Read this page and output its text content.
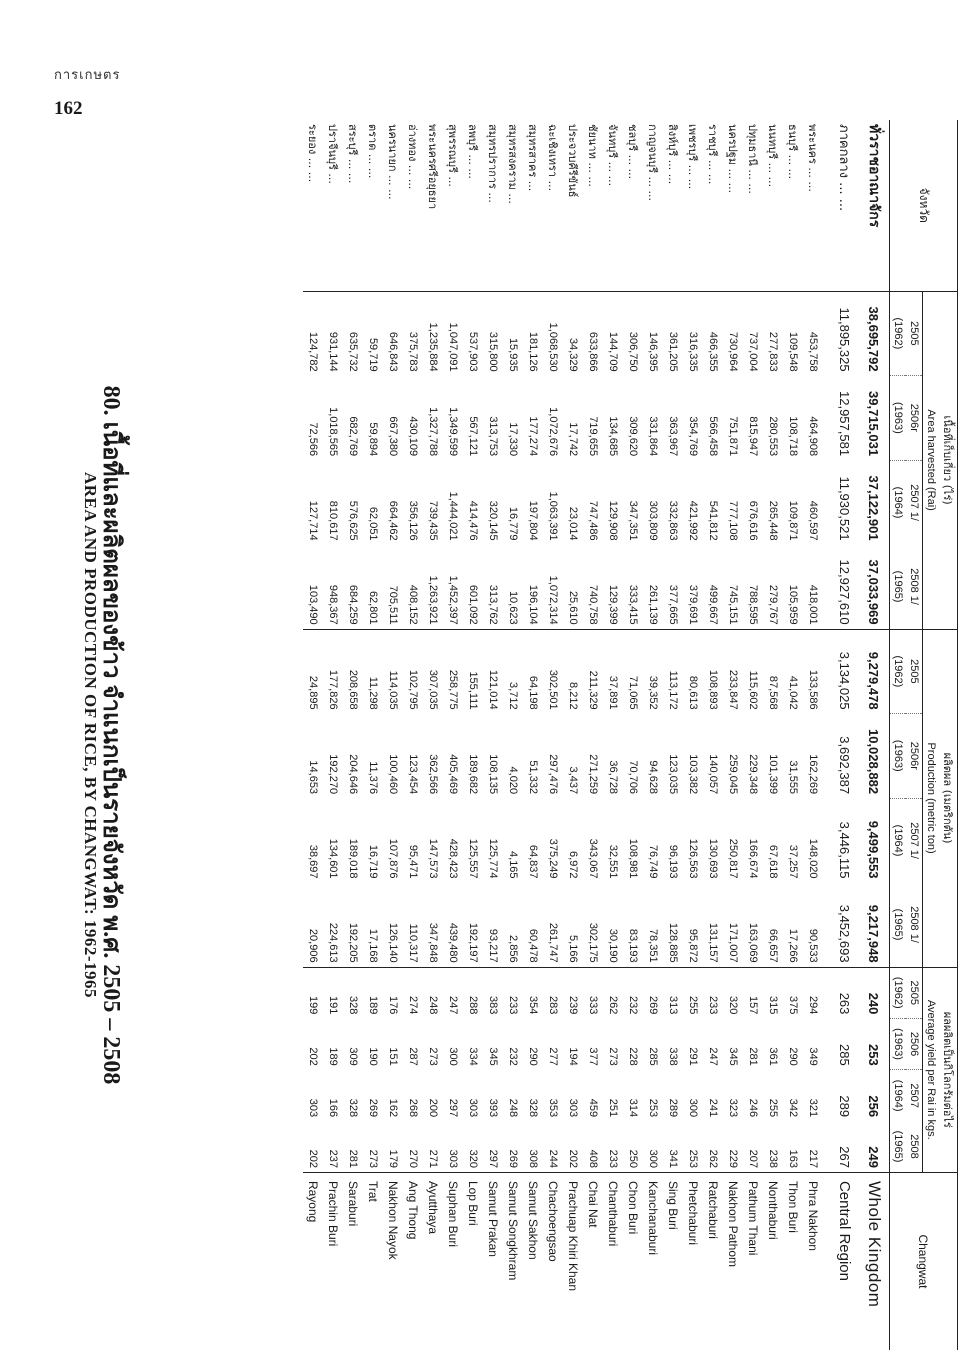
การเกษตร
162
จังหวัด	เนื้อที่เก็บเกี่ยว (ไร่)				ผลิตผล (เมตริกตัน)				ผลผลิตเป็นกิโลกรัมต่อไร่				Changwat
	Area harvested (Rai)				Production (metric ton)				Average yield per Rai in kgs.				
	2505	2506r	2507 1/	2508 1/	2505	2506r	2507 1/	2508 1/	2505	2506	2507	2508	
	(1962)	(1963)	(1964)	(1965)	(1962)	(1963)	(1964)	(1965)	(1962)	(1963)	(1964)	(1965)	
ทั่วราชอาณาจักร	38,695,792	39,715,031	37,122,901	37,033,969	9,279,478	10,028,882	9,499,553	9,217,948	240	253	256	249	Whole Kingdom
ภาคกลาง ... ...	11,895,325	12,957,581	11,930,521	12,927,610	3,134,025	3,692,387	3,446,115	3,452,693	263	285	289	267	Central Region

พระนคร ... ...	453,758	464,908	460,597	418,001	133,586	162,269	148,020	90,533	294	349	321	217	Phra Nakhon
ธนบุรี ... ...	109,548	108,718	109,871	105,959	41,042	31,555	37,257	17,266	375	290	342	163	Thon Buri
นนทบุรี ... ...	277,833	280,553	265,448	279,767	87,568	101,399	67,618	66,657	315	361	255	238	Nonthaburi
ปทุมธานี ... ...	737,004	815,947	676,616	788,595	115,602	229,348	166,674	163,069	157	281	246	207	Pathum Thani
นครปฐม ... ...	730,964	751,871	777,108	745,151	233,847	259,045	250,817	171,007	320	345	323	229	Nakhon Pathom
ราชบุรี ... ...	466,355	566,458	541,812	499,667	108,893	140,057	130,693	131,157	233	247	241	262	Ratchaburi
เพชรบุรี ... ...	316,335	354,769	421,992	379,691	80,613	103,382	126,563	95,872	255	291	300	253	Phetchaburi
สิงห์บุรี ... ...	361,205	363,967	332,863	377,665	113,172	123,035	96,193	128,885	313	338	289	341	Sing Buri
กาญจนบุรี ... ...	146,395	331,864	303,809	261,139	39,352	94,628	76,749	78,351	269	285	253	300	Kanchanaburi
ชลบุรี ... ...	306,750	309,620	347,351	333,415	71,065	70,706	108,981	83,193	232	228	314	250	Chon Buri
จันทบุรี ... ...	144,709	134,685	129,908	129,399	37,891	36,728	32,551	30,190	262	273	251	233	Chanthaburi
ชัยนาท ... ...	633,866	719,655	747,486	740,758	211,329	271,259	343,067	302,175	333	377	459	408	Chai Nat
ประจวบคีรีขันธ์	34,329	17,742	23,014	25,610	8,212	3,437	6,972	5,166	239	194	303	202	Prachuap Khiri Khan
ฉะเชิงเทรา ...	1,068,530	1,072,676	1,063,391	1,072,314	302,501	297,476	375,249	261,747	283	277	353	244	Chachoengsao
สมุทรสาคร ...	181,126	177,274	197,804	196,104	64,198	51,332	64,837	60,478	354	290	328	308	Samut Sakhon
สมุทรสงคราม ...	15,935	17,330	16,779	10,623	3,712	4,020	4,165	2,856	233	232	248	269	Samut Songkhram
สมุทรปราการ ...	315,800	313,753	320,145	313,762	121,014	108,135	125,774	93,217	383	345	393	297	Samut Prakan
ลพบุรี ... ...	537,903	567,121	414,476	601,092	155,111	189,682	125,557	192,197	288	334	303	320	Lop Buri
สุพรรณบุรี ...	1,047,091	1,349,599	1,444,021	1,452,397	258,775	405,469	428,423	439,480	247	300	297	303	Suphan Buri
พระนครศรีอยุธยา	1,235,884	1,327,788	739,435	1,263,921	307,035	362,566	147,573	347,848	248	273	200	271	Ayutthaya
อ่างทอง ... ...	375,783	430,109	356,126	408,152	102,795	123,454	95,471	110,317	274	287	268	270	Ang Thong
นครนายก ... ...	646,843	667,380	664,462	705,511	114,035	100,460	107,876	126,140	176	151	162	179	Nakhon Nayok
ตราด ... ...	59,719	59,894	62,051	62,801	11,298	11,376	16,719	17,168	189	190	269	273	Trat
สระบุรี ... ...	635,732	682,769	576,625	684,259	208,658	204,646	189,018	192,205	328	309	328	281	Saraburi
ปราจีนบุรี ...	931,144	1,018,565	810,617	948,367	177,826	192,270	134,601	224,613	191	189	166	237	Prachin Buri
ระยอง ... ...	124,782	72,566	127,714	103,490	24,895	14,653	38,697	20,906	199	202	303	202	Rayong
80. เนื้อที่และผลิตผลของข้าว จำแนกเป็นรายจังหวัด พ.ศ. 2505 – 2508
AREA AND PRODUCTION OF RICE, BY CHANGWAT: 1962-1965
